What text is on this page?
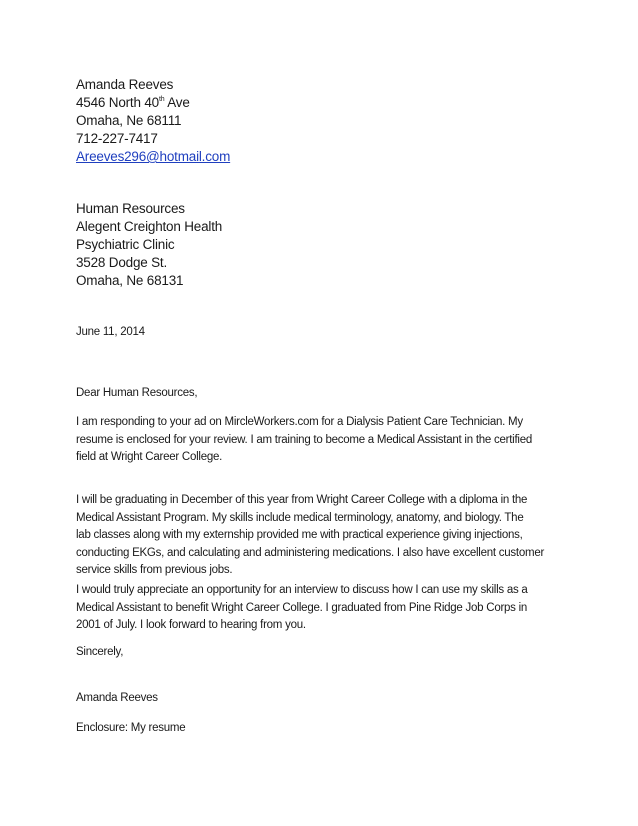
Amanda Reeves
4546 North 40th Ave
Omaha, Ne 68111
712-227-7417
Areeves296@hotmail.com
Human Resources
Alegent Creighton Health
Psychiatric Clinic
3528 Dodge St.
Omaha, Ne 68131
June 11, 2014
Dear Human Resources,
I am responding to your ad on MircleWorkers.com for a Dialysis Patient Care Technician. My
resume is enclosed for your review. I am training to become a Medical Assistant in the certified
field at Wright Career College.
I will be graduating in December of this year from Wright Career College with a diploma in the
Medical Assistant Program. My skills include medical terminology, anatomy, and biology. The
lab classes along with my externship provided me with practical experience giving injections,
conducting EKGs, and calculating and administering medications. I also have excellent customer
service skills from previous jobs.
I would truly appreciate an opportunity for an interview to discuss how I can use my skills as a
Medical Assistant to benefit Wright Career College. I graduated from Pine Ridge Job Corps in
2001 of July. I look forward to hearing from you.
Sincerely,
Amanda Reeves
Enclosure: My resume
